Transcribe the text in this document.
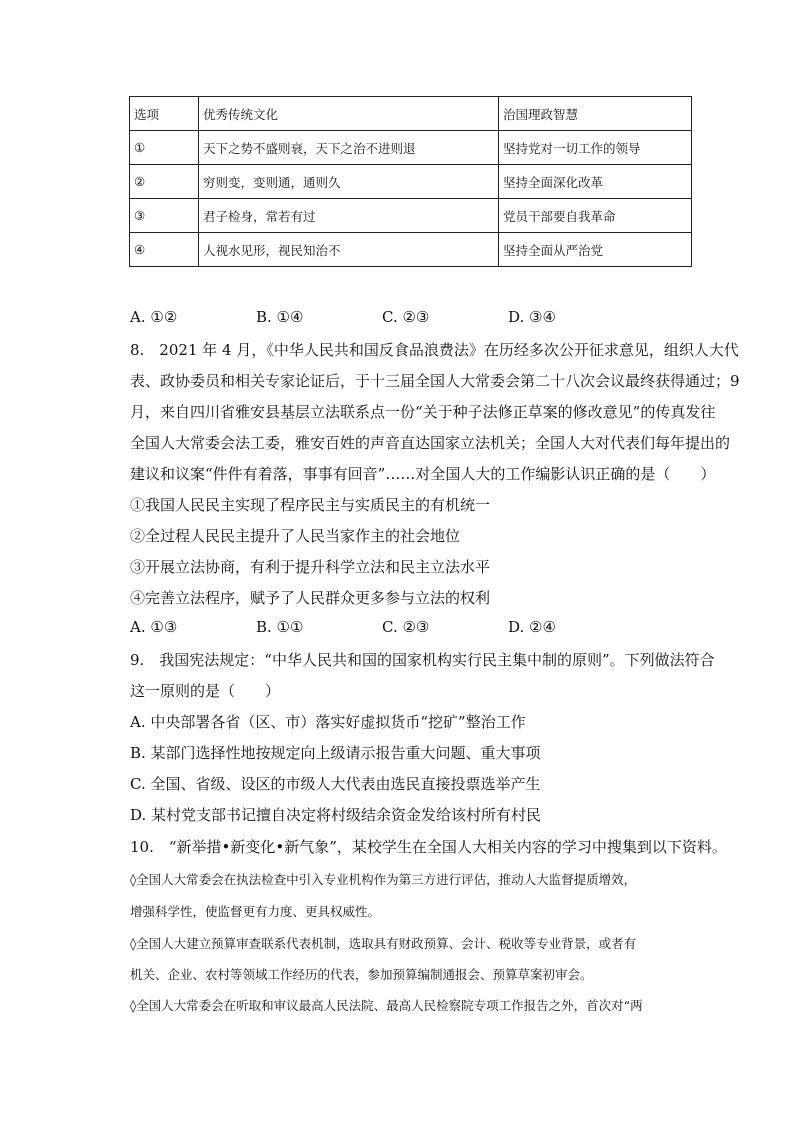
选项	优秀传统文化	治国理政智慧
①	天下之势不盛则衰，天下之治不进则退	坚持党对一切工作的领导
②	穷则变，变则通，通则久	坚持全面深化改革
③	君子检身，常若有过	党员干部要自我革命
④	人视水见形，视民知治不	坚持全面从严治党
A. ①②	B. ①④	C. ②③	D. ③④
8.　2021 年 4 月，《中华人民共和国反食品浪费法》在历经多次公开征求意见，组织人大代
表、政协委员和相关专家论证后，于十三届全国人大常委会第二十八次会议最终获得通过；9
月，来自四川省雅安县基层立法联系点一份“关于种子法修正草案的修改意见”的传真发往
全国人大常委会法工委，雅安百姓的声音直达国家立法机关；全国人大对代表们每年提出的
建议和议案“件件有着落，事事有回音”……对全国人大的工作编影认识正确的是（　　）
①我国人民民主实现了程序民主与实质民主的有机统一
②全过程人民民主提升了人民当家作主的社会地位
③开展立法协商，有利于提升科学立法和民主立法水平
④完善立法程序，赋予了人民群众更多参与立法的权利
A. ①③	B. ①①	C. ②③	D. ②④
9.　我国宪法规定：“中华人民共和国的国家机构实行民主集中制的原则”。下列做法符合
这一原则的是（　　）
A. 中央部署各省（区、市）落实好虚拟货币“挖矿”整治工作
B. 某部门选择性地按规定向上级请示报告重大问题、重大事项
C. 全国、省级、设区的市级人大代表由选民直接投票选举产生
D. 某村党支部书记擅自决定将村级结余资金发给该村所有村民
10.　“新举措•新变化•新气象”，某校学生在全国人大相关内容的学习中搜集到以下资料。
◊全国人大常委会在执法检查中引入专业机构作为第三方进行评估，推动人大监督提质增效，
增强科学性，使监督更有力度、更具权威性。
◊全国人大建立预算审查联系代表机制，选取具有财政预算、会计、税收等专业背景，或者有
机关、企业、农村等领域工作经历的代表，参加预算编制通报会、预算草案初审会。
◊全国人大常委会在听取和审议最高人民法院、最高人民检察院专项工作报告之外，首次对“两
